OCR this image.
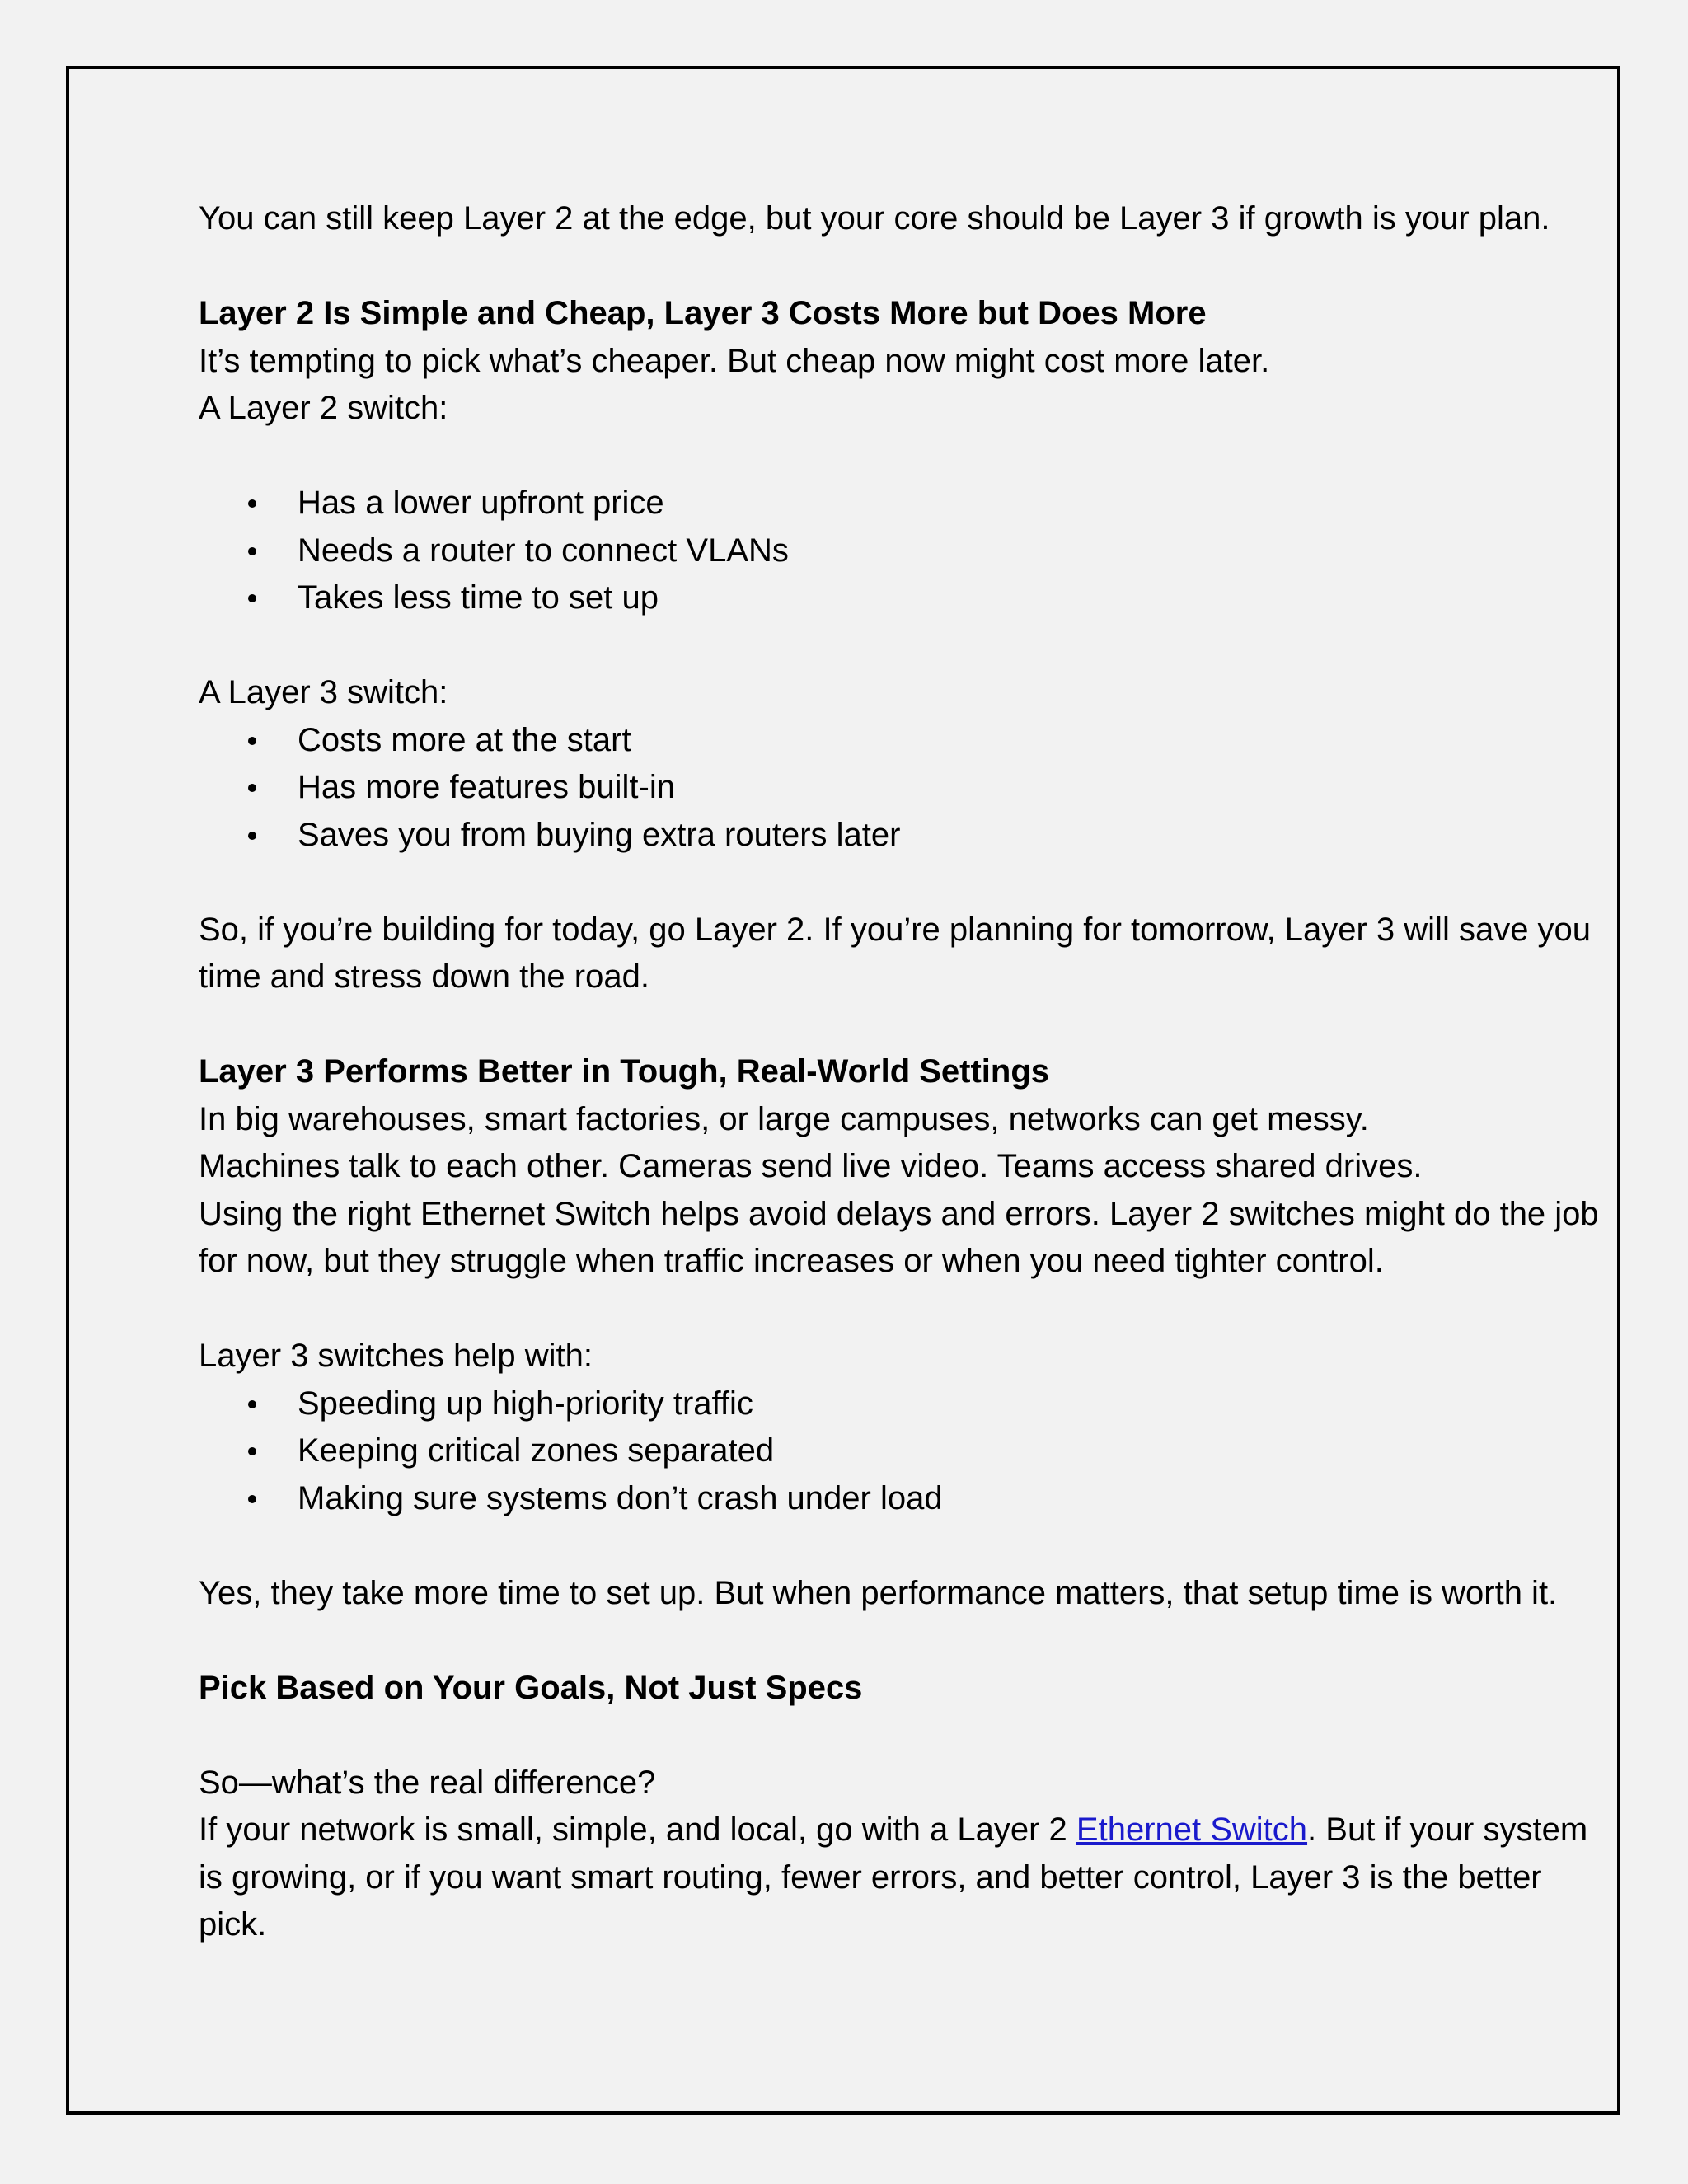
You can still keep Layer 2 at the edge, but your core should be Layer 3 if growth is your plan.

Layer 2 Is Simple and Cheap, Layer 3 Costs More but Does More

It’s tempting to pick what’s cheaper. But cheap now might cost more later.

A Layer 2 switch:

Has a lower upfront price
Needs a router to connect VLANs
Takes less time to set up

A Layer 3 switch:

Costs more at the start
Has more features built-in
Saves you from buying extra routers later

So, if you’re building for today, go Layer 2. If you’re planning for tomorrow, Layer 3 will save you time and stress down the road.

Layer 3 Performs Better in Tough, Real-World Settings

In big warehouses, smart factories, or large campuses, networks can get messy.

Machines talk to each other. Cameras send live video. Teams access shared drives.

Using the right Ethernet Switch helps avoid delays and errors. Layer 2 switches might do the job for now, but they struggle when traffic increases or when you need tighter control.

Layer 3 switches help with:

Speeding up high-priority traffic
Keeping critical zones separated
Making sure systems don’t crash under load

Yes, they take more time to set up. But when performance matters, that setup time is worth it.

Pick Based on Your Goals, Not Just Specs

So—what’s the real difference?

If your network is small, simple, and local, go with a Layer 2 Ethernet Switch. But if your system is growing, or if you want smart routing, fewer errors, and better control, Layer 3 is the better pick.
